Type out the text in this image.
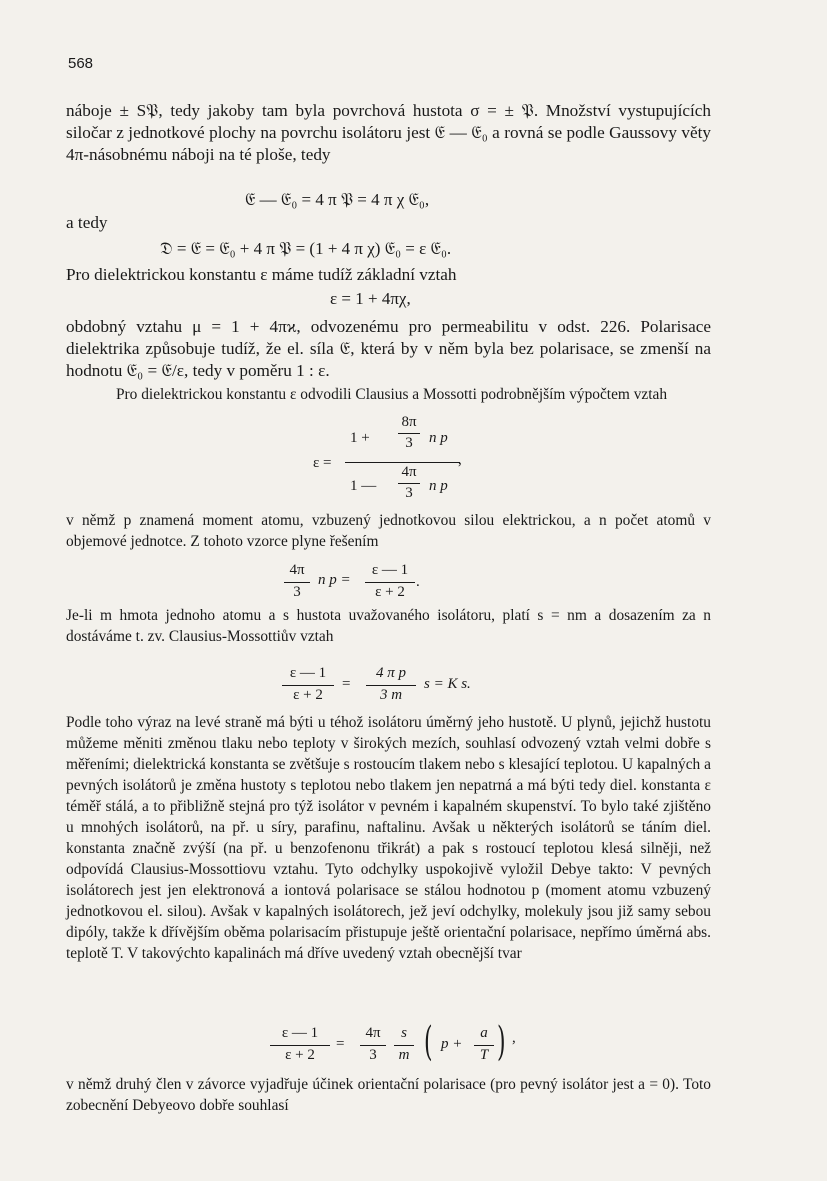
568
náboje ± S𝔓, tedy jakoby tam byla povrchová hustota σ = ± 𝔓. Množství vystupujících siločar z jednotkové plochy na povrchu isolátoru jest 𝔈 — 𝔈₀ a rovná se podle Gaussovy věty 4π-násobnému náboji na té ploše, tedy
𝔈 — 𝔈₀ = 4 π 𝔓 = 4 π χ 𝔈₀,
a tedy
𝔇 = 𝔈 = 𝔈₀ + 4 π 𝔓 = (1 + 4 π χ) 𝔈₀ = ε 𝔈₀.
Pro dielektrickou konstantu ε máme tudíž základní vztah
ε = 1 + 4πχ,
obdobný vztahu μ = 1 + 4πϰ, odvozenému pro permeabilitu v odst. 226. Polarisace dielektrika způsobuje tudíž, že el. síla 𝔈, která by v něm byla bez polarisace, se zmenší na hodnotu 𝔈₀ = 𝔈/ε, tedy v poměru 1 : ε.
Pro dielektrickou konstantu ε odvodili Clausius a Mossotti podrobnějším výpočtem vztah
ε =
1 +
8π
3	n p
,
1 —
4π
3	n p
v němž p znamená moment atomu, vzbuzený jednotkovou silou elektrickou, a n počet atomů v objemové jednotce. Z tohoto vzorce plyne řešením
4π
3
n p =
ε — 1
ε + 2
.
Je-li m hmota jednoho atomu a s hustota uvažovaného isolátoru, platí s = nm a dosazením za n dostáváme t. zv. Clausius-Mossottiův vztah
ε — 1
ε + 2
=
4 π p
3 m
s = K s.
Podle toho výraz na levé straně má býti u téhož isolátoru úměrný jeho hustotě. U plynů, jejichž hustotu můžeme měniti změnou tlaku nebo teploty v širokých mezích, souhlasí odvozený vztah velmi dobře s měřeními; dielektrická konstanta se zvětšuje s rostoucím tlakem nebo s klesající teplotou. U kapalných a pevných isolátorů je změna hustoty s teplotou nebo tlakem jen nepatrná a má býti tedy diel. konstanta ε téměř stálá, a to přibližně stejná pro týž isolátor v pevném i kapalném skupenství. To bylo také zjištěno u mnohých isolátorů, na př. u síry, parafinu, naftalinu. Avšak u některých isolátorů se táním diel. konstanta značně zvýší (na př. u benzofenonu třikrát) a pak s rostoucí teplotou klesá silněji, než odpovídá Clausius-Mossottiovu vztahu. Tyto odchylky uspokojivě vyložil Debye takto: V pevných isolátorech jest jen elektronová a iontová polarisace se stálou hodnotou p (moment atomu vzbuzený jednotkovou el. silou). Avšak v kapalných isolátorech, jež jeví odchylky, molekuly jsou již samy sebou dipóly, takže k dřívějším oběma polarisacím přistupuje ještě orientační polarisace, nepřímo úměrná abs. teplotě T. V takovýchto kapalinách má dříve uvedený vztah obecnější tvar
ε — 1
ε + 2
=
4π
3
s
m ( p +
a
T ) ,
v němž druhý člen v závorce vyjadřuje účinek orientační polarisace (pro pevný isolátor jest a = 0). Toto zobecnění Debyeovo dobře souhlasí
